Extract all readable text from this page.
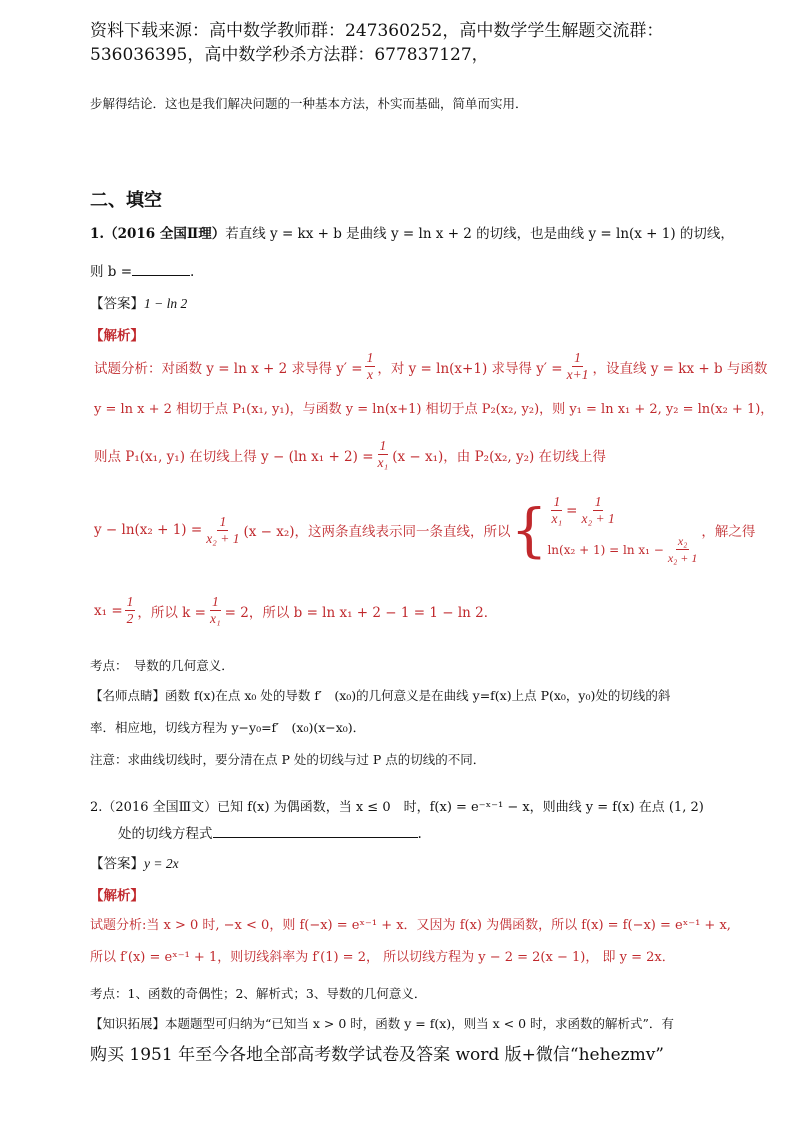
资料下载来源：高中数学教师群：247360252，高中数学学生解题交流群：
536036395，高中数学秒杀方法群：677837127，
步解得结论．这也是我们解决问题的一种基本方法，朴实而基础，简单而实用．
二、填空
1.（2016 全国Ⅱ理）若直线 y = kx + b 是曲线 y = ln x + 2 的切线，也是曲线 y = ln(x + 1) 的切线，
则 b =	.
【答案】1 − ln 2
【解析】
试题分析：对函数 y = ln x + 2 求导得 $y' = \frac{1}{x}$ ，对 y = ln(x+1) 求导得 $y' = \frac{1}{x+1}$ ，设直线 y = kx + b 与函数
y = ln x + 2 相切于点 P₁(x₁, y₁)，与函数 y = ln(x+1) 相切于点 P₂(x₂, y₂)，则 y₁ = ln x₁ + 2, y₂ = ln(x₂ + 1)，
则点 P₁(x₁, y₁) 在切线上得 y − (ln $x_1 + 2) = \frac{1}{\text{x₁}} (x - x_1)$，由 P₂(x₂, y₂) 在切线上得
$y - \ln(x_2 + 1) = \frac{1}{\text{x₂ + 1}} (x - x_2)$，这两条直线表示同一条直线，所以 { $\frac{1}{\text{x₁}} = \frac{1}{\text{x₂ + 1}}$
$\ln(x_2 + 1) = \ln x_1 - \frac{\text{x₂}}{\text{x₂ + 1}}$
，解之得
$x_1 = \frac{1}{2}$ ，所以 $k = \frac{1}{\text{x₁}} = 2$，所以 b = ln x₁ + 2 − 1 = 1 − ln 2．
考点：　导数的几何意义．
【名师点睛】函数 f(x)在点 x₀ 处的导数 f′　(x₀)的几何意义是在曲线 y=f(x)上点 P(x₀，y₀)处的切线的斜
率．相应地，切线方程为 y−y₀=f′　(x₀)(x−x₀)．
注意：求曲线切线时，要分清在点 P 处的切线与过 P 点的切线的不同．
2.（2016 全国Ⅲ文）已知 f(x) 为偶函数，当 x ≤ 0　时，f(x) = e⁻ˣ⁻¹ − x，则曲线 y = f(x) 在点 (1, 2)
处的切线方程式	.
【答案】y = 2x
【解析】
试题分析:当 x > 0 时, −x < 0，则 f(−x) = eˣ⁻¹ + x．又因为 f(x) 为偶函数，所以 f(x) = f(−x) = eˣ⁻¹ + x,
所以 f′(x) = eˣ⁻¹ + 1，则切线斜率为 f′(1) = 2， 所以切线方程为 y − 2 = 2(x − 1)， 即 y = 2x．
考点：1、函数的奇偶性；2、解析式；3、导数的几何意义．
【知识拓展】本题题型可归纳为“已知当 x > 0 时，函数 y = f(x)，则当 x < 0 时，求函数的解析式”．有
购买 1951 年至今各地全部高考数学试卷及答案 word 版+微信“hehezmv”
